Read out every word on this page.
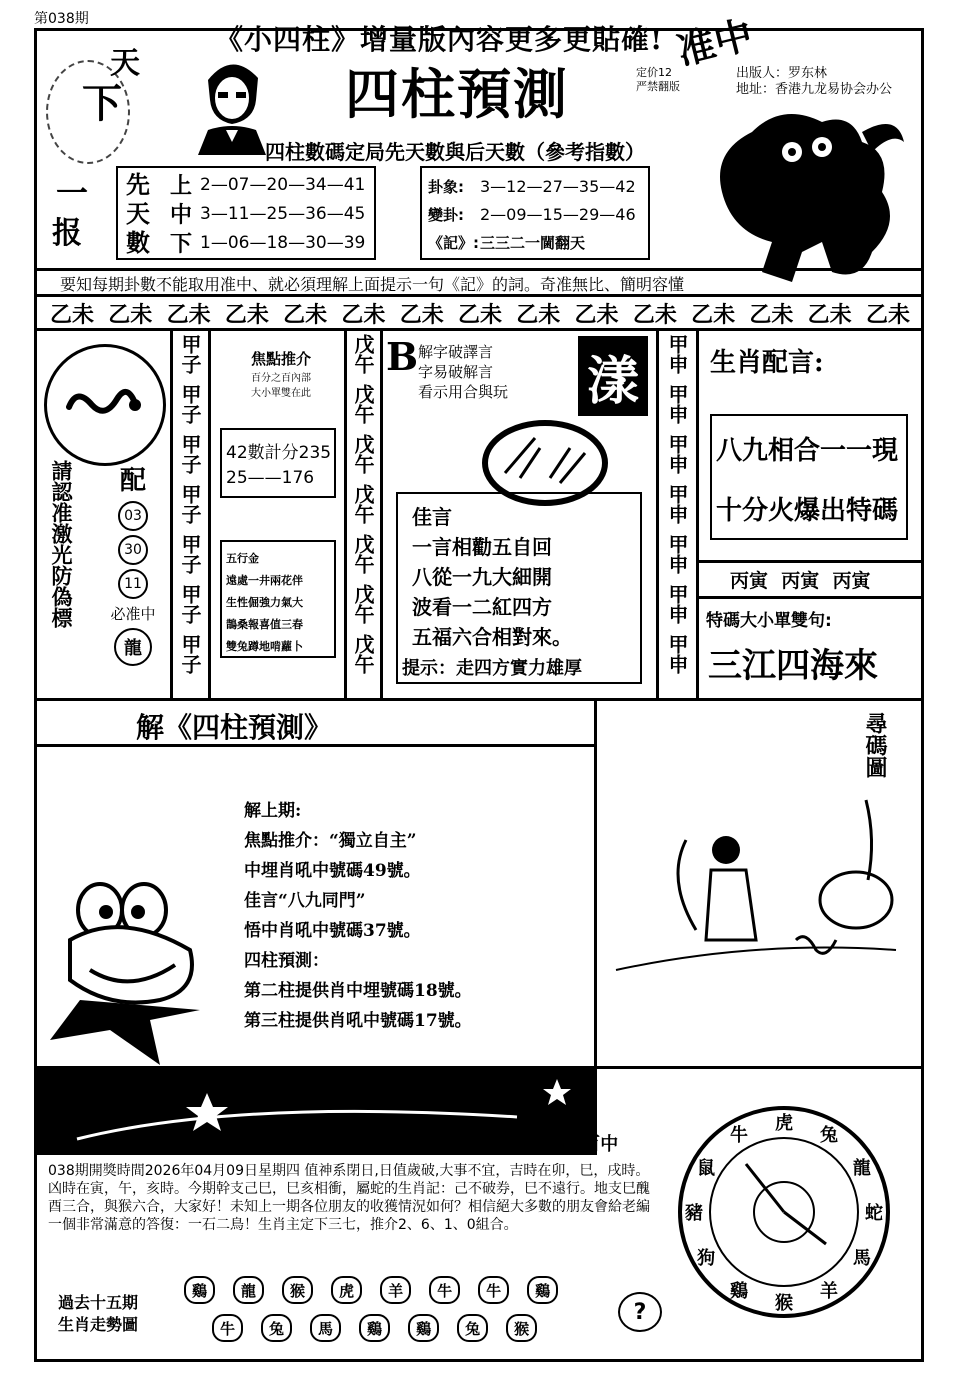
第038期
《小四柱》增量版內容更多更貼確!
天
下
一
报
四柱預測	定价12
严禁翻版
出版人：罗东林
地址：香港九龙易协会办公
准中
四柱數碼定局先天數與后天數（參考指數）
先
天
數
上 2—07—20—34—41
中 3—11—25—36—45
下 1—06—18—30—39
卦象:	3—12—27—35—42
變卦:	2—09—15—29—46
《記》: 三三二一閫翻天
要知每期卦數不能取用准中、就必須理解上面提示一句《記》的詞。奇准無比、簡明容懂
乙未 乙未 乙未 乙未 乙未 乙未 乙未 乙未 乙未 乙未 乙未 乙未 乙未 乙未 乙未
請認准激光防偽標	配
03
30
11
必准中
龍
甲子
甲子
甲子
甲子
甲子
甲子
甲子
焦點推介
百分之百內部
大小單雙在此
42數計分235
25——176
五行金
遠處一井兩花伴
生性倔強力氣大
鵲桑報喜值三春
雙兔蹲地啃蘿卜
戊午
戊午
戊午
戊午
戊午
戊午
戊午
B 解字破譯言
字易破解言
看示用合與玩 漾
佳言
一言相勸五自回
八從一九大細開
波看一二紅四方
五福六合相對來。
提示：走四方實力雄厚
甲申
甲申
甲申
甲申
甲申
甲申
甲申
生肖配言:
八九相合一一現
十分火爆出特碼
丙寅  丙寅  丙寅
特碼大小單雙句:
三江四海來
解《四柱預測》
解上期:
焦點推介：“獨立自主”
中埋肖吼中號碼49號。
佳言“八九同門”
悟中肖吼中號碼37號。
四柱預測：
第二柱提供肖中埋號碼18號。
第三柱提供肖吼中號碼17號。
尋碼圖
猜中必中 百發百中
038期開獎時間2026年04月09日星期四 值神系閉日,日值歲破,大事不宜，吉時在卯，巳，戌時。凶時在寅，午，亥時。今期幹支己巳，巳亥相衝，屬蛇的生肖記：己不破券，巳不遠行。地支巳醜酉三合，與猴六合，大家好！未知上一期各位朋友的收獲情況如何？相信絕大多數的朋友會給老編一個非常滿意的答復：一石二鳥！生肖主定下三七，推介2、6、1、0組合。
過去十五期
生肖走勢圖
鷄	龍	猴	虎	羊	牛	牛	鷄
牛	兔	馬	鷄	鷄	兔	猴
?
虎
兔
龍
蛇
馬
羊
猴
鷄
狗
豬
鼠
牛
